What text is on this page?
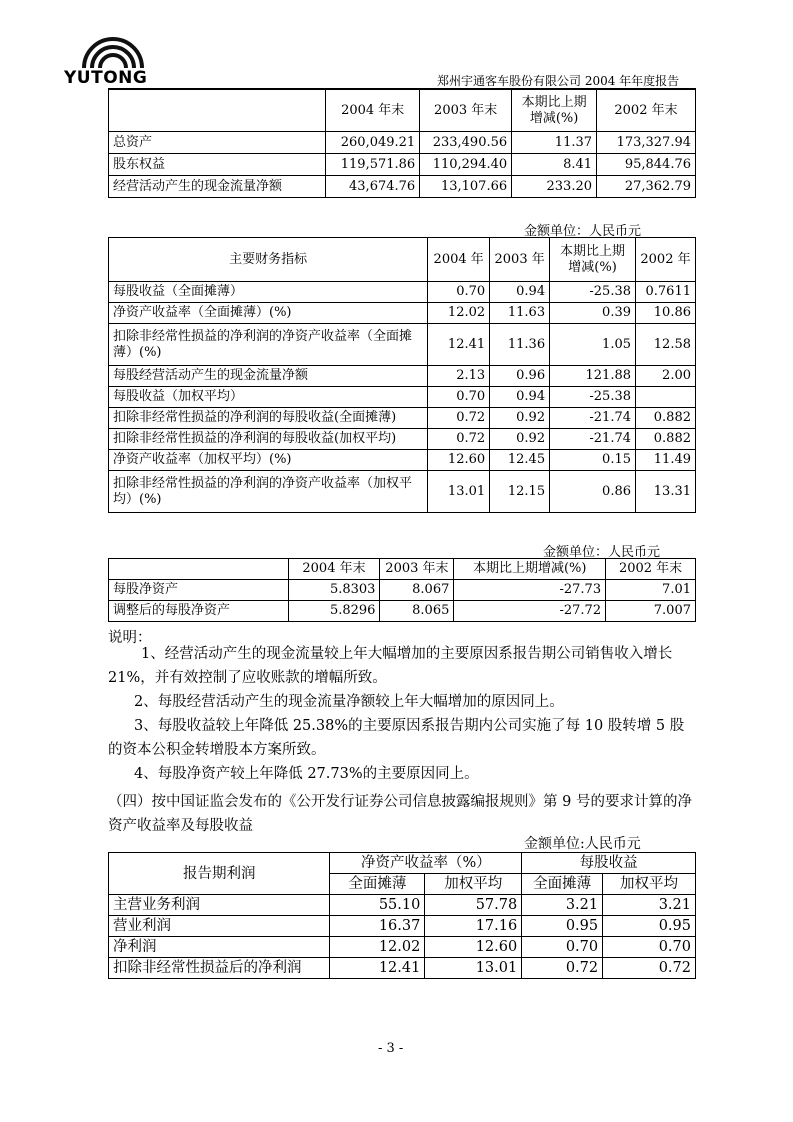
YUTONG	郑州宇通客车股份有限公司 2004 年年度报告
	2004 年末	2003 年末	本期比上期增减(%)	2002 年末
总资产	260,049.21	233,490.56	11.37	173,327.94
股东权益	119,571.86	110,294.40	8.41	95,844.76
经营活动产生的现金流量净额	43,674.76	13,107.66	233.20	27,362.79
金额单位：人民币元
主要财务指标	2004 年	2003 年	本期比上期增减(%)	2002 年
每股收益（全面摊薄）	0.70	0.94	-25.38	0.7611
净资产收益率（全面摊薄）(%)	12.02	11.63	0.39	10.86
扣除非经常性损益的净利润的净资产收益率（全面摊薄）(%)	12.41	11.36	1.05	12.58
每股经营活动产生的现金流量净额	2.13	0.96	121.88	2.00
每股收益（加权平均）	0.70	0.94	-25.38	
扣除非经常性损益的净利润的每股收益(全面摊薄)	0.72	0.92	-21.74	0.882
扣除非经常性损益的净利润的每股收益(加权平均)	0.72	0.92	-21.74	0.882
净资产收益率（加权平均）(%)	12.60	12.45	0.15	11.49
扣除非经常性损益的净利润的净资产收益率（加权平均）(%)	13.01	12.15	0.86	13.31
金额单位：人民币元
	2004 年末	2003 年末	本期比上期增减(%)	2002 年末
每股净资产	5.8303	8.067	-27.73	7.01
调整后的每股净资产	5.8296	8.065	-27.72	7.007
说明：
1、经营活动产生的现金流量较上年大幅增加的主要原因系报告期公司销售收入增长 21%，并有效控制了应收账款的增幅所致。
2、每股经营活动产生的现金流量净额较上年大幅增加的原因同上。
3、每股收益较上年降低 25.38%的主要原因系报告期内公司实施了每 10 股转增 5 股的资本公积金转增股本方案所致。
4、每股净资产较上年降低 27.73%的主要原因同上。
（四）按中国证监会发布的《公开发行证券公司信息披露编报规则》第 9 号的要求计算的净资产收益率及每股收益
金额单位:人民币元
报告期利润	净资产收益率（%）		每股收益	
	全面摊薄	加权平均	全面摊薄	加权平均
主营业务利润	55.10	57.78	3.21	3.21
营业利润	16.37	17.16	0.95	0.95
净利润	12.02	12.60	0.70	0.70
扣除非经常性损益后的净利润	12.41	13.01	0.72	0.72
- 3 -
